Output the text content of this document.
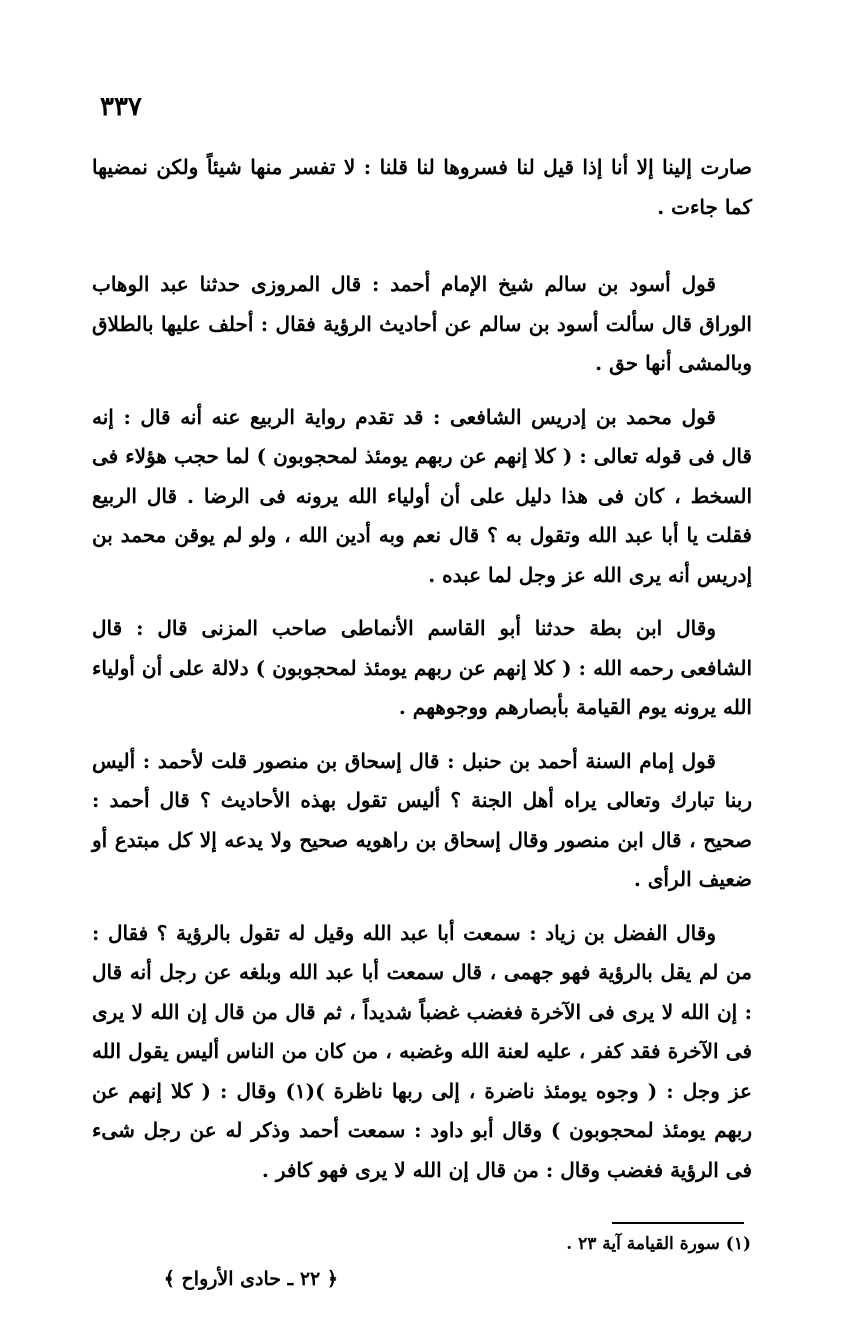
٣٣٧

صارت إلينا إلا أنا إذا قيل لنا فسروها لنا قلنا : لا تفسر منها شيئاً ولكن نمضيها كما جاءت .

قول أسود بن سالم شيخ الإمام أحمد : قال المروزى حدثنا عبد الوهاب الوراق قال سألت أسود بن سالم عن أحاديث الرؤية فقال : أحلف عليها بالطلاق وبالمشى أنها حق .

قول محمد بن إدريس الشافعى : قد تقدم رواية الربيع عنه أنه قال : إنه قال فى قوله تعالى : ( كلا إنهم عن ربهم يومئذ لمحجوبون ) لما حجب هؤلاء فى السخط ، كان فى هذا دليل على أن أولياء الله يرونه فى الرضا . قال الربيع فقلت يا أبا عبد الله وتقول به ؟ قال نعم وبه أدين الله ، ولو لم يوقن محمد بن إدريس أنه يرى الله عز وجل لما عبده .

وقال ابن بطة حدثنا أبو القاسم الأنماطى صاحب المزنى قال : قال الشافعى رحمه الله : ( كلا إنهم عن ربهم يومئذ لمحجوبون ) دلالة على أن أولياء الله يرونه يوم القيامة بأبصارهم ووجوههم .

قول إمام السنة أحمد بن حنبل : قال إسحاق بن منصور قلت لأحمد : أليس ربنا تبارك وتعالى يراه أهل الجنة ؟ أليس تقول بهذه الأحاديث ؟ قال أحمد : صحيح ، قال ابن منصور وقال إسحاق بن راهويه صحيح ولا يدعه إلا كل مبتدع أو ضعيف الرأى .

وقال الفضل بن زياد : سمعت أبا عبد الله وقيل له تقول بالرؤية ؟ فقال : من لم يقل بالرؤية فهو جهمى ، قال سمعت أبا عبد الله وبلغه عن رجل أنه قال : إن الله لا يرى فى الآخرة فغضب غضباً شديداً ، ثم قال من قال إن الله لا يرى فى الآخرة فقد كفر ، عليه لعنة الله وغضبه ، من كان من الناس أليس يقول الله عز وجل : ( وجوه يومئذ ناضرة ، إلى ربها ناظرة )(١) وقال : ( كلا إنهم عن ربهم يومئذ لمحجوبون ) وقال أبو داود : سمعت أحمد وذكر له عن رجل شىء فى الرؤية فغضب وقال : من قال إن الله لا يرى فهو كافر .

(١) سورة القيامة آية ٢٣ .
﴿ ٢٢ ـ حادى الأرواح ﴾
